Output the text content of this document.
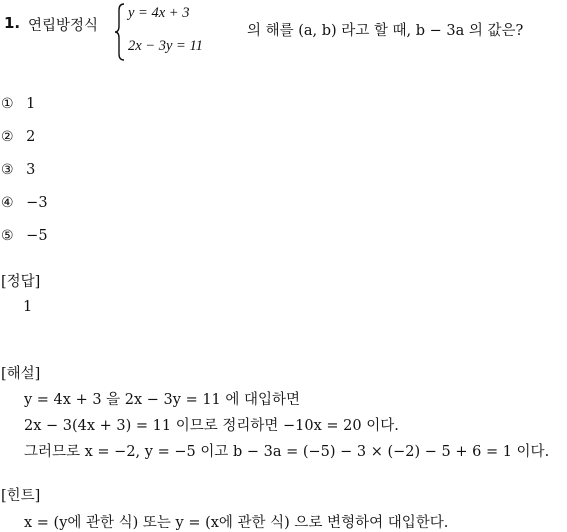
1. 연립방정식
y = 4x + 3
2x − 3y = 11
의 해를 (a, b) 라고 할 때, b − 3a 의 값은?
① 1
② 2
③ 3
④ −3
⑤ −5
[정답]
1
[해설]
y = 4x + 3 을 2x − 3y = 11 에 대입하면
2x − 3(4x + 3) = 11 이므로 정리하면 −10x = 20 이다.
그러므로 x = −2, y = −5 이고 b − 3a = (−5) − 3 × (−2) − 5 + 6 = 1 이다.
[힌트]
x = (y에 관한 식) 또는 y = (x에 관한 식) 으로 변형하여 대입한다.
